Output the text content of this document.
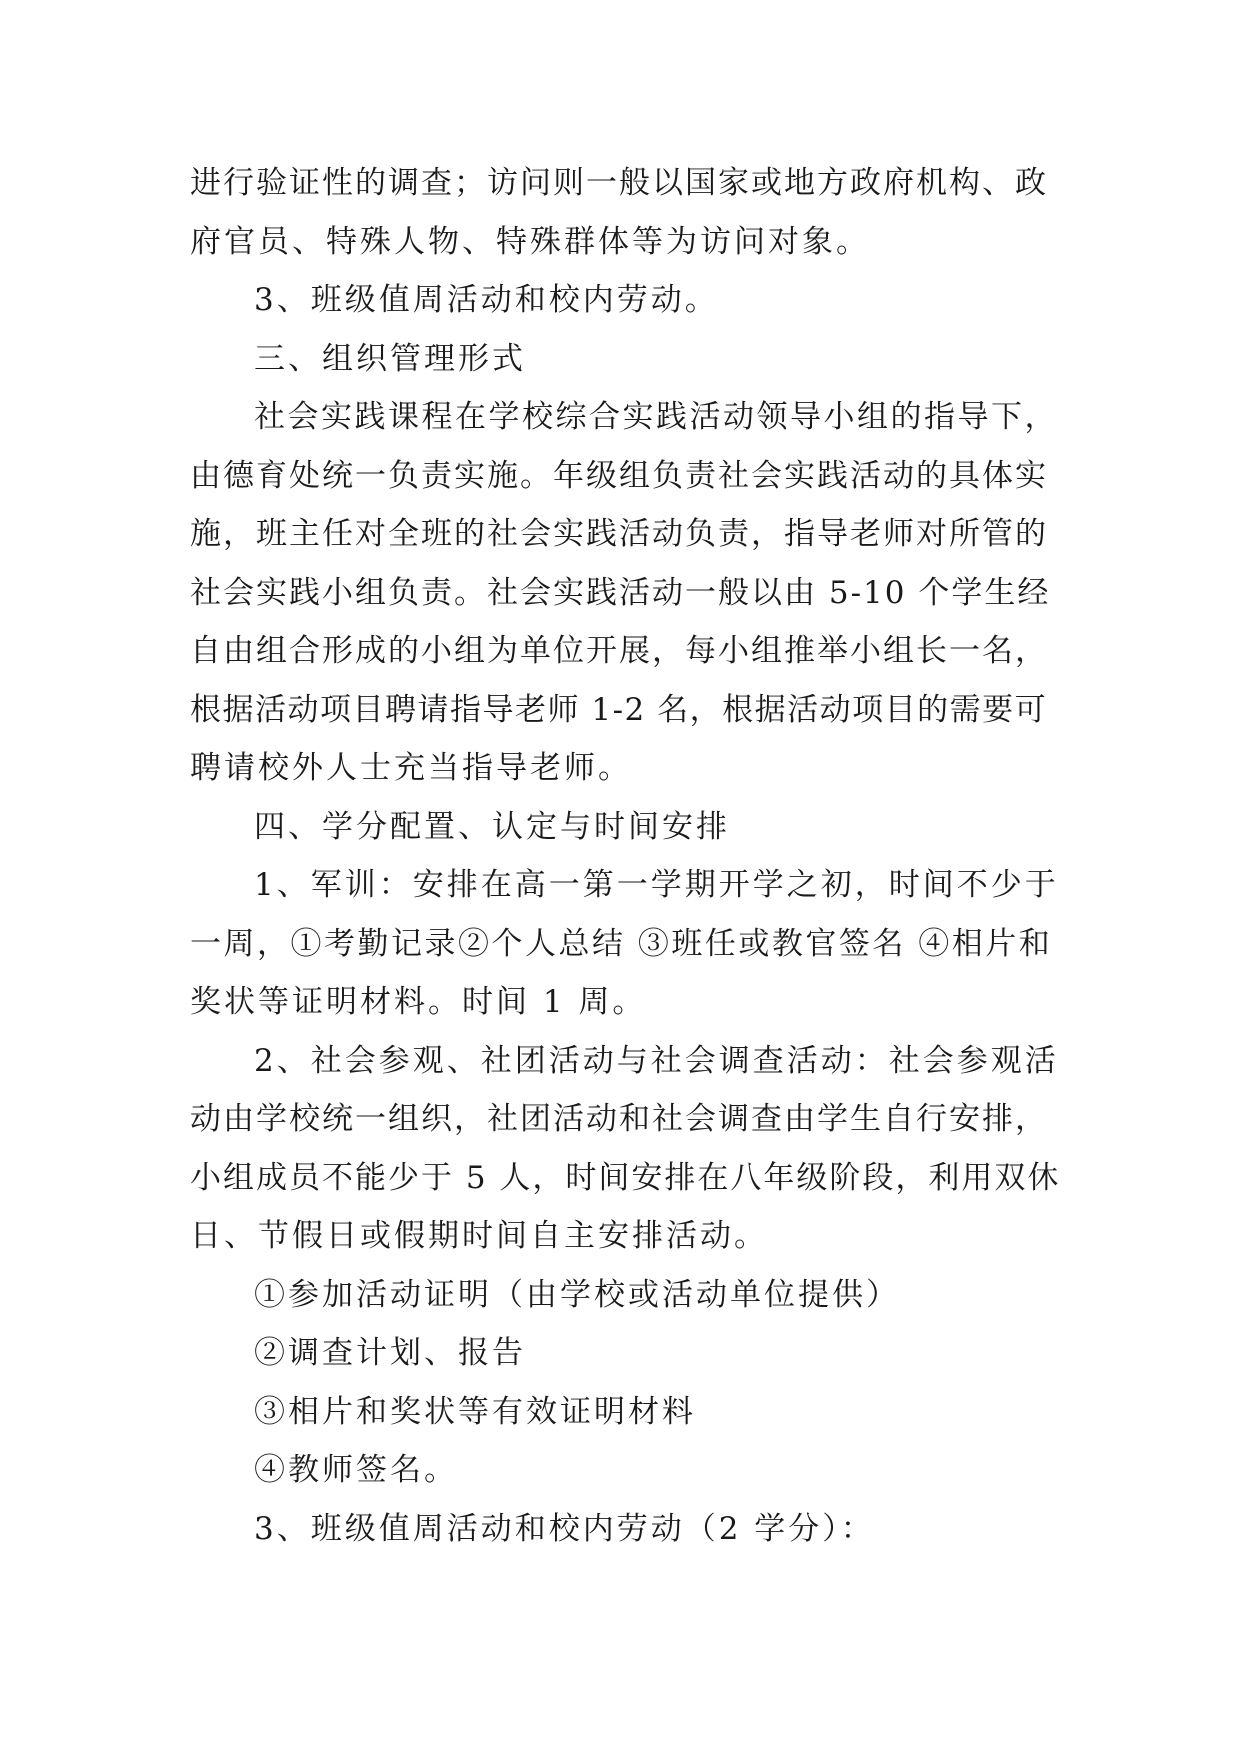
进行验证性的调查；访问则一般以国家或地方政府机构、政
府官员、特殊人物、特殊群体等为访问对象。
3、班级值周活动和校内劳动。
三、组织管理形式
社会实践课程在学校综合实践活动领导小组的指导下，
由德育处统一负责实施。年级组负责社会实践活动的具体实
施，班主任对全班的社会实践活动负责，指导老师对所管的
社会实践小组负责。社会实践活动一般以由 5-10 个学生经
自由组合形成的小组为单位开展，每小组推举小组长一名，
根据活动项目聘请指导老师 1-2 名，根据活动项目的需要可
聘请校外人士充当指导老师。
四、学分配置、认定与时间安排
1、军训：安排在高一第一学期开学之初，时间不少于
一周，①考勤记录②个人总结 ③班任或教官签名 ④相片和
奖状等证明材料。时间 1 周。
2、社会参观、社团活动与社会调查活动：社会参观活
动由学校统一组织，社团活动和社会调查由学生自行安排，
小组成员不能少于 5 人，时间安排在八年级阶段，利用双休
日、节假日或假期时间自主安排活动。
①参加活动证明（由学校或活动单位提供）
②调查计划、报告
③相片和奖状等有效证明材料
④教师签名。
3、班级值周活动和校内劳动（2 学分）：
